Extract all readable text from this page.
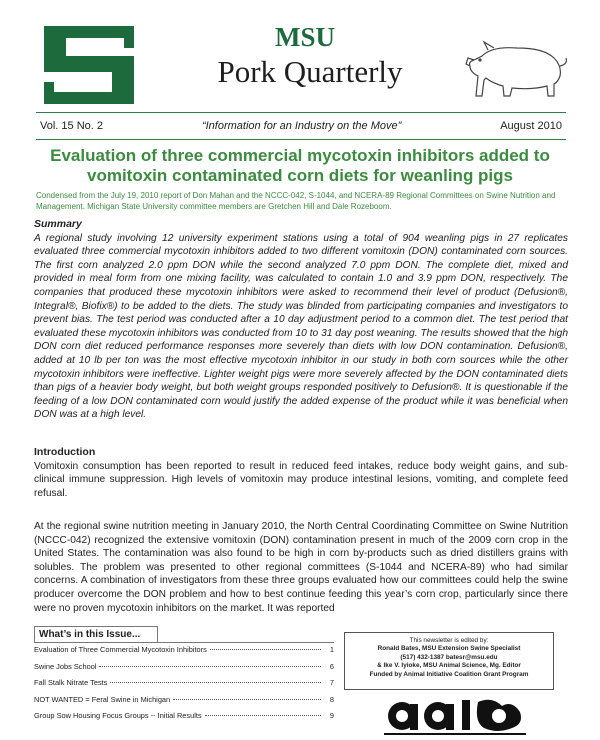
MSU
Pork Quarterly
Vol. 15 No. 2	“Information for an Industry on the Move”	August 2010
Evaluation of three commercial mycotoxin inhibitors added to
vomitoxin contaminated corn diets for weanling pigs
Condensed from the July 19, 2010 report of Don Mahan and the NCCC-042, S-1044, and NCERA-89 Regional Committees on Swine Nutrition and Management. Michigan State University committee members are Gretchen Hill and Dale Rozeboom.
Summary
A regional study involving 12 university experiment stations using a total of 904 weanling pigs in 27 replicates evaluated three commercial mycotoxin inhibitors added to two different vomitoxin (DON) contaminated corn sources. The first corn analyzed 2.0 ppm DON while the second analyzed 7.0 ppm DON. The complete diet, mixed and provided in meal form from one mixing facility, was calculated to contain 1.0 and 3.9 ppm DON, respectively. The companies that produced these mycotoxin inhibitors were asked to recommend their level of product (Defusion®, Integral®, Biofix®) to be added to the diets. The study was blinded from participating companies and investigators to prevent bias. The test period was conducted after a 10 day adjustment period to a common diet. The test period that evaluated these mycotoxin inhibitors was conducted from 10 to 31 day post weaning. The results showed that the high DON corn diet reduced performance responses more severely than diets with low DON contamination. Defusion®, added at 10 lb per ton was the most effective mycotoxin inhibitor in our study in both corn sources while the other mycotoxin inhibitors were ineffective. Lighter weight pigs were more severely affected by the DON contaminated diets than pigs of a heavier body weight, but both weight groups responded positively to Defusion®. It is questionable if the feeding of a low DON contaminated corn would justify the added expense of the product while it was beneficial when DON was at a high level.
Introduction
Vomitoxin consumption has been reported to result in reduced feed intakes, reduce body weight gains, and sub-clinical immune suppression. High levels of vomitoxin may produce intestinal lesions, vomiting, and complete feed refusal.
At the regional swine nutrition meeting in January 2010, the North Central Coordinating Committee on Swine Nutrition (NCCC-042) recognized the extensive vomitoxin (DON) contamination present in much of the 2009 corn crop in the United States. The contamination was also found to be high in corn by-products such as dried distillers grains with solubles. The problem was presented to other regional committees (S-1044 and NCERA-89) who had similar concerns. A combination of investigators from these three groups evaluated how our committees could help the swine producer overcome the DON problem and how to best continue feeding this year’s corn crop, particularly since there were no proven mycotoxin inhibitors on the market. It was reported
What’s in this Issue...
Evaluation of Three Commercial Mycotoxin Inhibitors	1
Swine Jobs School	6
Fall Stalk Nitrate Tests	7
NOT WANTED = Feral Swine in Michigan	8
Group Sow Housing Focus Groups -- Initial Results	9
This newsletter is edited by:
Ronald Bates, MSU Extension Swine Specialist
(517) 432-1387 batesr@msu.edu
& Ike V. Iyioke, MSU Animal Science, Mg. Editor
Funded by Animal Initiative Coalition Grant Program
